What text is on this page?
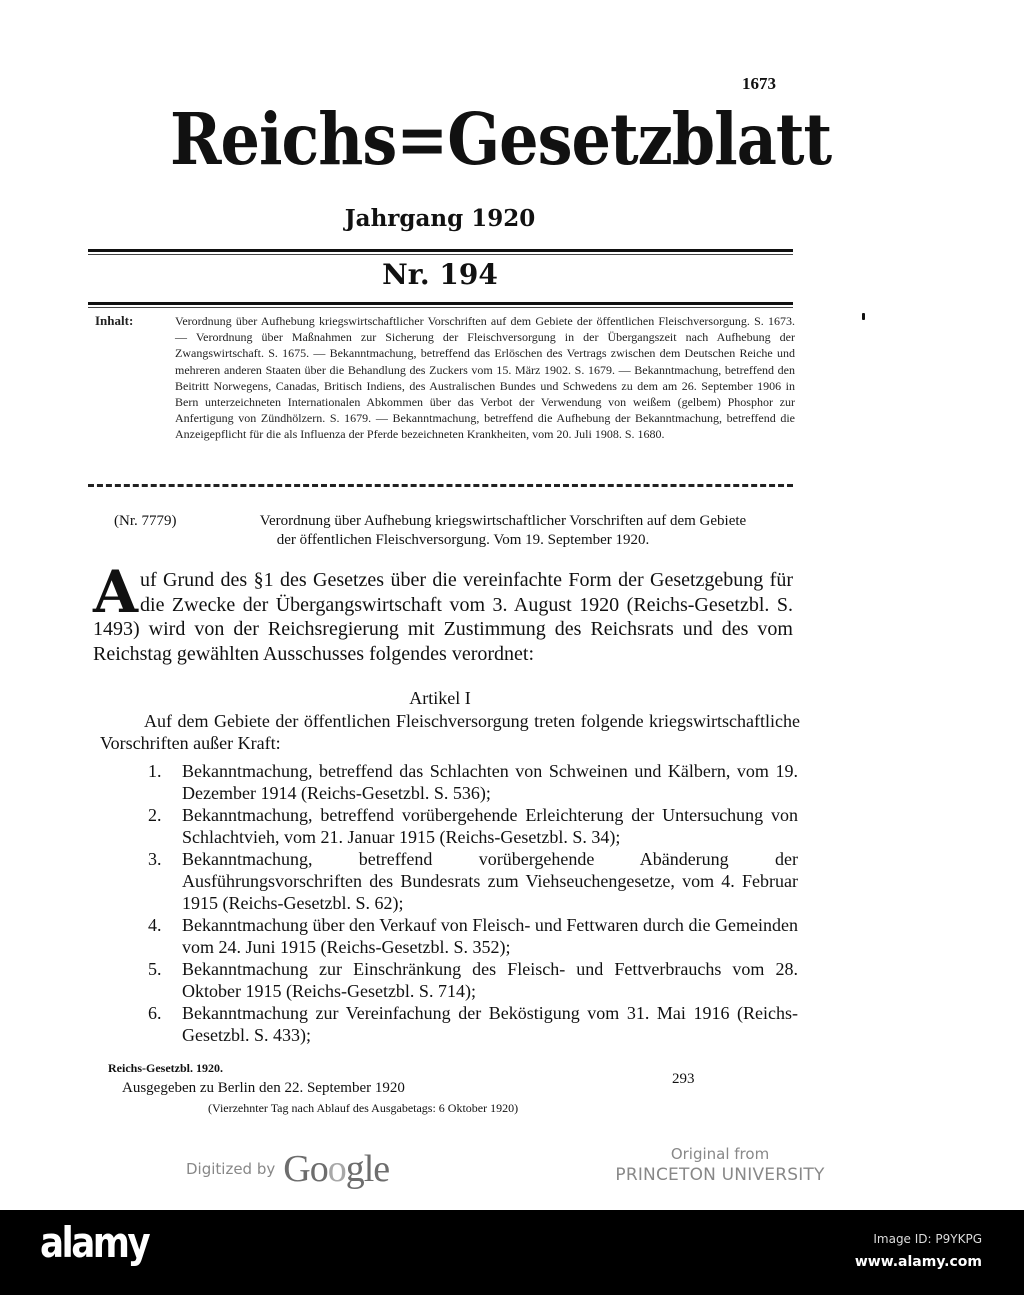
1673
Reichs=Gesetzblatt
Jahrgang 1920
Nr. 194
Inhalt:	Verordnung über Aufhebung kriegswirtschaftlicher Vorschriften auf dem Gebiete der öffentlichen Fleischversorgung. S. 1673. — Verordnung über Maßnahmen zur Sicherung der Fleischversorgung in der Übergangszeit nach Aufhebung der Zwangswirtschaft. S. 1675. — Bekanntmachung, betreffend das Erlöschen des Vertrags zwischen dem Deutschen Reiche und mehreren anderen Staaten über die Behandlung des Zuckers vom 15. März 1902. S. 1679. — Bekanntmachung, betreffend den Beitritt Norwegens, Canadas, Britisch Indiens, des Australischen Bundes und Schwedens zu dem am 26. September 1906 in Bern unterzeichneten Internationalen Abkommen über das Verbot der Verwendung von weißem (gelbem) Phosphor zur Anfertigung von Zündhölzern. S. 1679. — Bekanntmachung, betreffend die Aufhebung der Bekanntmachung, betreffend die Anzeigepflicht für die als Influenza der Pferde bezeichneten Krankheiten, vom 20. Juli 1908. S. 1680.
(Nr. 7779)	Verordnung über Aufhebung kriegswirtschaftlicher Vorschriften auf dem Gebiete
der öffentlichen Fleischversorgung. Vom 19. September 1920.
A uf Grund des §1 des Gesetzes über die vereinfachte Form der Gesetzgebung für die Zwecke der Übergangswirtschaft vom 3. August 1920 (Reichs-Gesetzbl. S. 1493) wird von der Reichsregierung mit Zustimmung des Reichsrats und des vom Reichstag gewählten Ausschusses folgendes verordnet:
Artikel I
Auf dem Gebiete der öffentlichen Fleischversorgung treten folgende kriegswirtschaftliche Vorschriften außer Kraft:
1. Bekanntmachung, betreffend das Schlachten von Schweinen und Kälbern, vom 19. Dezember 1914 (Reichs-Gesetzbl. S. 536);
2. Bekanntmachung, betreffend vorübergehende Erleichterung der Untersuchung von Schlachtvieh, vom 21. Januar 1915 (Reichs-Gesetzbl. S. 34);
3. Bekanntmachung, betreffend vorübergehende Abänderung der Ausführungsvorschriften des Bundesrats zum Viehseuchengesetze, vom 4. Februar 1915 (Reichs-Gesetzbl. S. 62);
4. Bekanntmachung über den Verkauf von Fleisch- und Fettwaren durch die Gemeinden vom 24. Juni 1915 (Reichs-Gesetzbl. S. 352);
5. Bekanntmachung zur Einschränkung des Fleisch- und Fettverbrauchs vom 28. Oktober 1915 (Reichs-Gesetzbl. S. 714);
6. Bekanntmachung zur Vereinfachung der Beköstigung vom 31. Mai 1916 (Reichs-Gesetzbl. S. 433);
Reichs-Gesetzbl. 1920.
293
Ausgegeben zu Berlin den 22. September 1920
(Vierzehnter Tag nach Ablauf des Ausgabetags: 6 Oktober 1920)
Digitized by Google	Original from
PRINCETON UNIVERSITY
alamy	Image ID: P9YKPG
www.alamy.com
